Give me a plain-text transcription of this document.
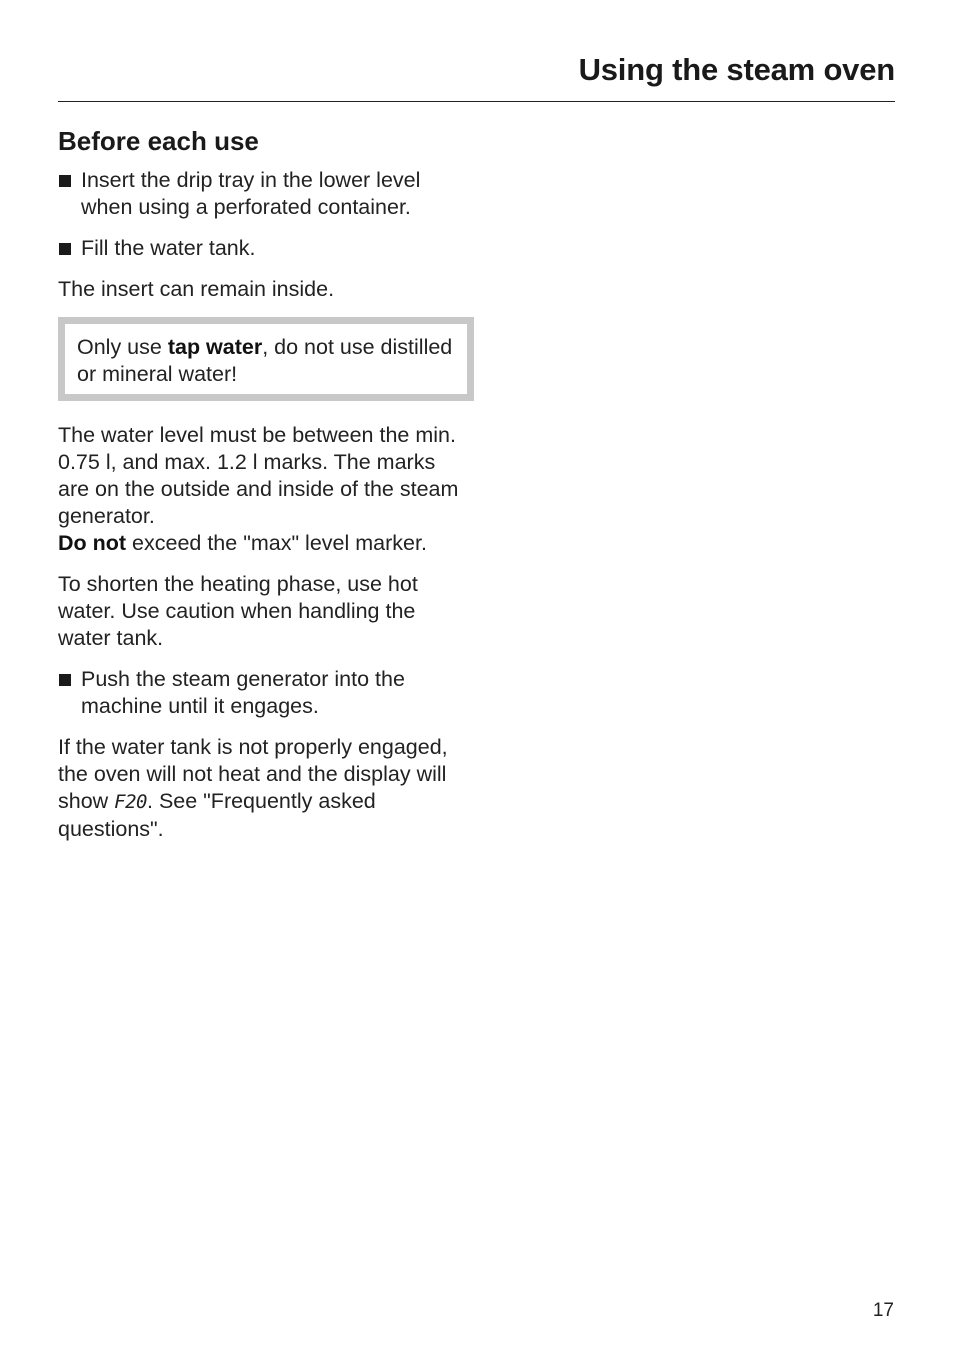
Using the steam oven
Before each use
Insert the drip tray in the lower level when using a perforated container.
Fill the water tank.

The insert can remain inside.

Only use tap water, do not use distilled or mineral water!

The water level must be between the min. 0.75 l, and max. 1.2 l marks. The marks are on the outside and inside of the steam generator.
Do not exceed the "max" level marker.

To shorten the heating phase, use hot water. Use caution when handling the water tank.

Push the steam generator into the machine until it engages.

If the water tank is not properly engaged, the oven will not heat and the display will show F20. See "Frequently asked questions".

17
